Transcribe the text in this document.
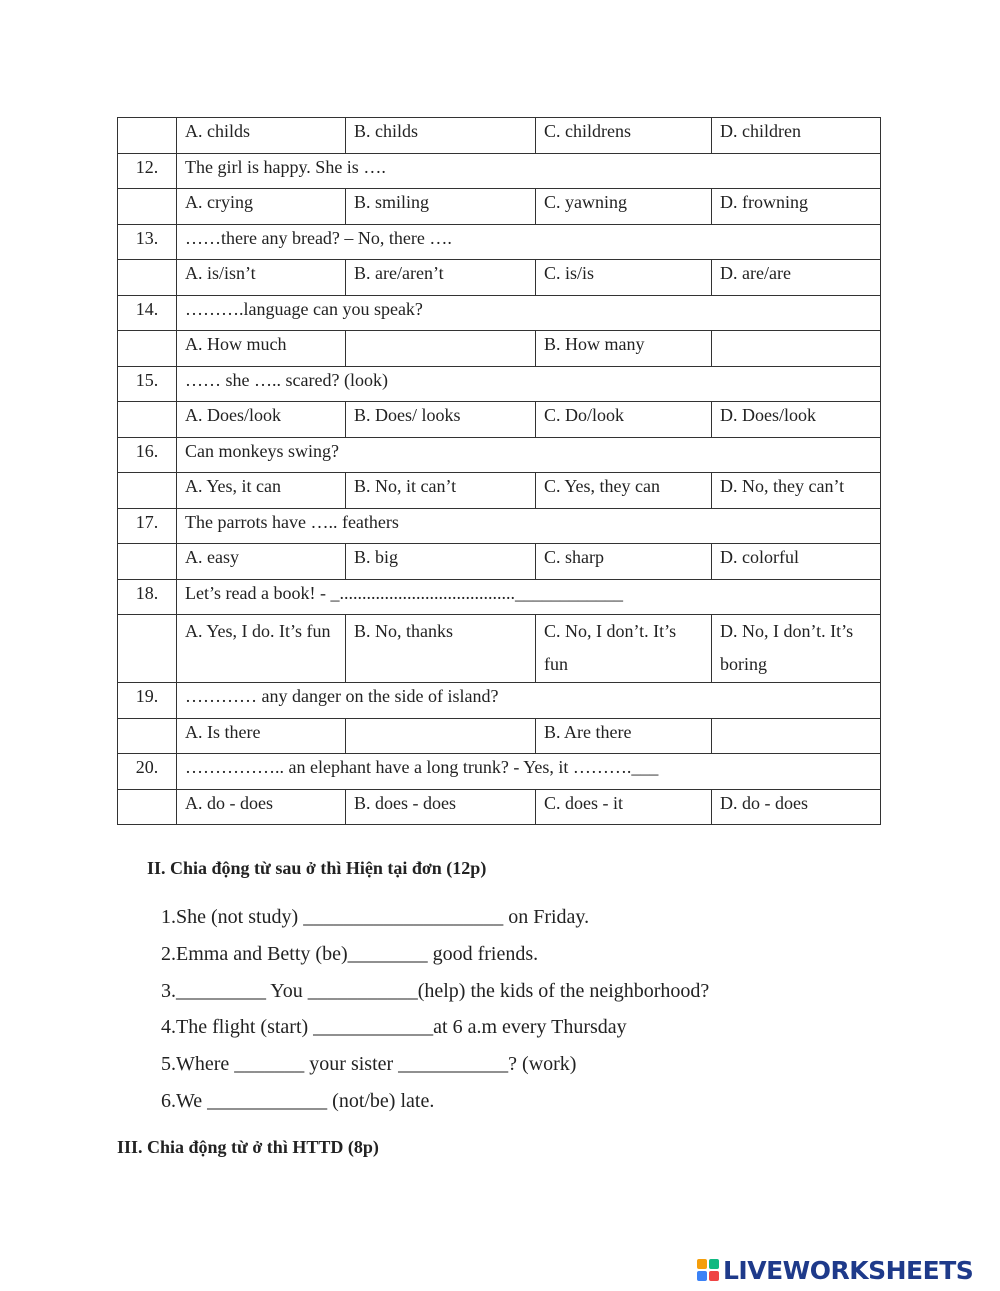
	A. childs	B. childs	C. childrens	D. children
12.	The girl is happy. She is ….			
	A. crying	B. smiling	C. yawning	D. frowning
13.	……there any bread? – No, there ….			
	A. is/isn’t	B. are/aren’t	C. is/is	D. are/are
14.	……….language can you speak?			
	A. How much		B. How many	
15.	…… she ….. scared? (look)			
	A. Does/look	B. Does/ looks	C. Do/look	D. Does/look
16.	Can monkeys swing?			
	A. Yes, it can	B. No, it can’t	C. Yes, they can	D. No, they can’t
17.	The parrots have ….. feathers			
	A. easy	B. big	C. sharp	D. colorful
18.	Let’s read a book! - _.......................................____________			
	A. Yes, I do. It’s fun	B. No, thanks	C. No, I don’t. It’s fun	D. No, I don’t. It’s boring
19.	………… any danger on the side of island?			
	A. Is there		B. Are there	
20.	…………….. an elephant have a long trunk? - Yes, it ……….___			
	A. do - does	B. does - does	C. does - it	D. do - does

II. Chia động từ sau ở thì Hiện tại đơn (12p)

1.She (not study) ____________________ on Friday.
2.Emma and Betty (be)________ good friends.
3._________ You ___________(help) the kids of the neighborhood?
4.The flight (start) ____________at 6 a.m every Thursday
5.Where _______ your sister ___________? (work)
6.We ____________ (not/be) late.

III. Chia động từ ở thì HTTD (8p)

LIVEWORKSHEETS
